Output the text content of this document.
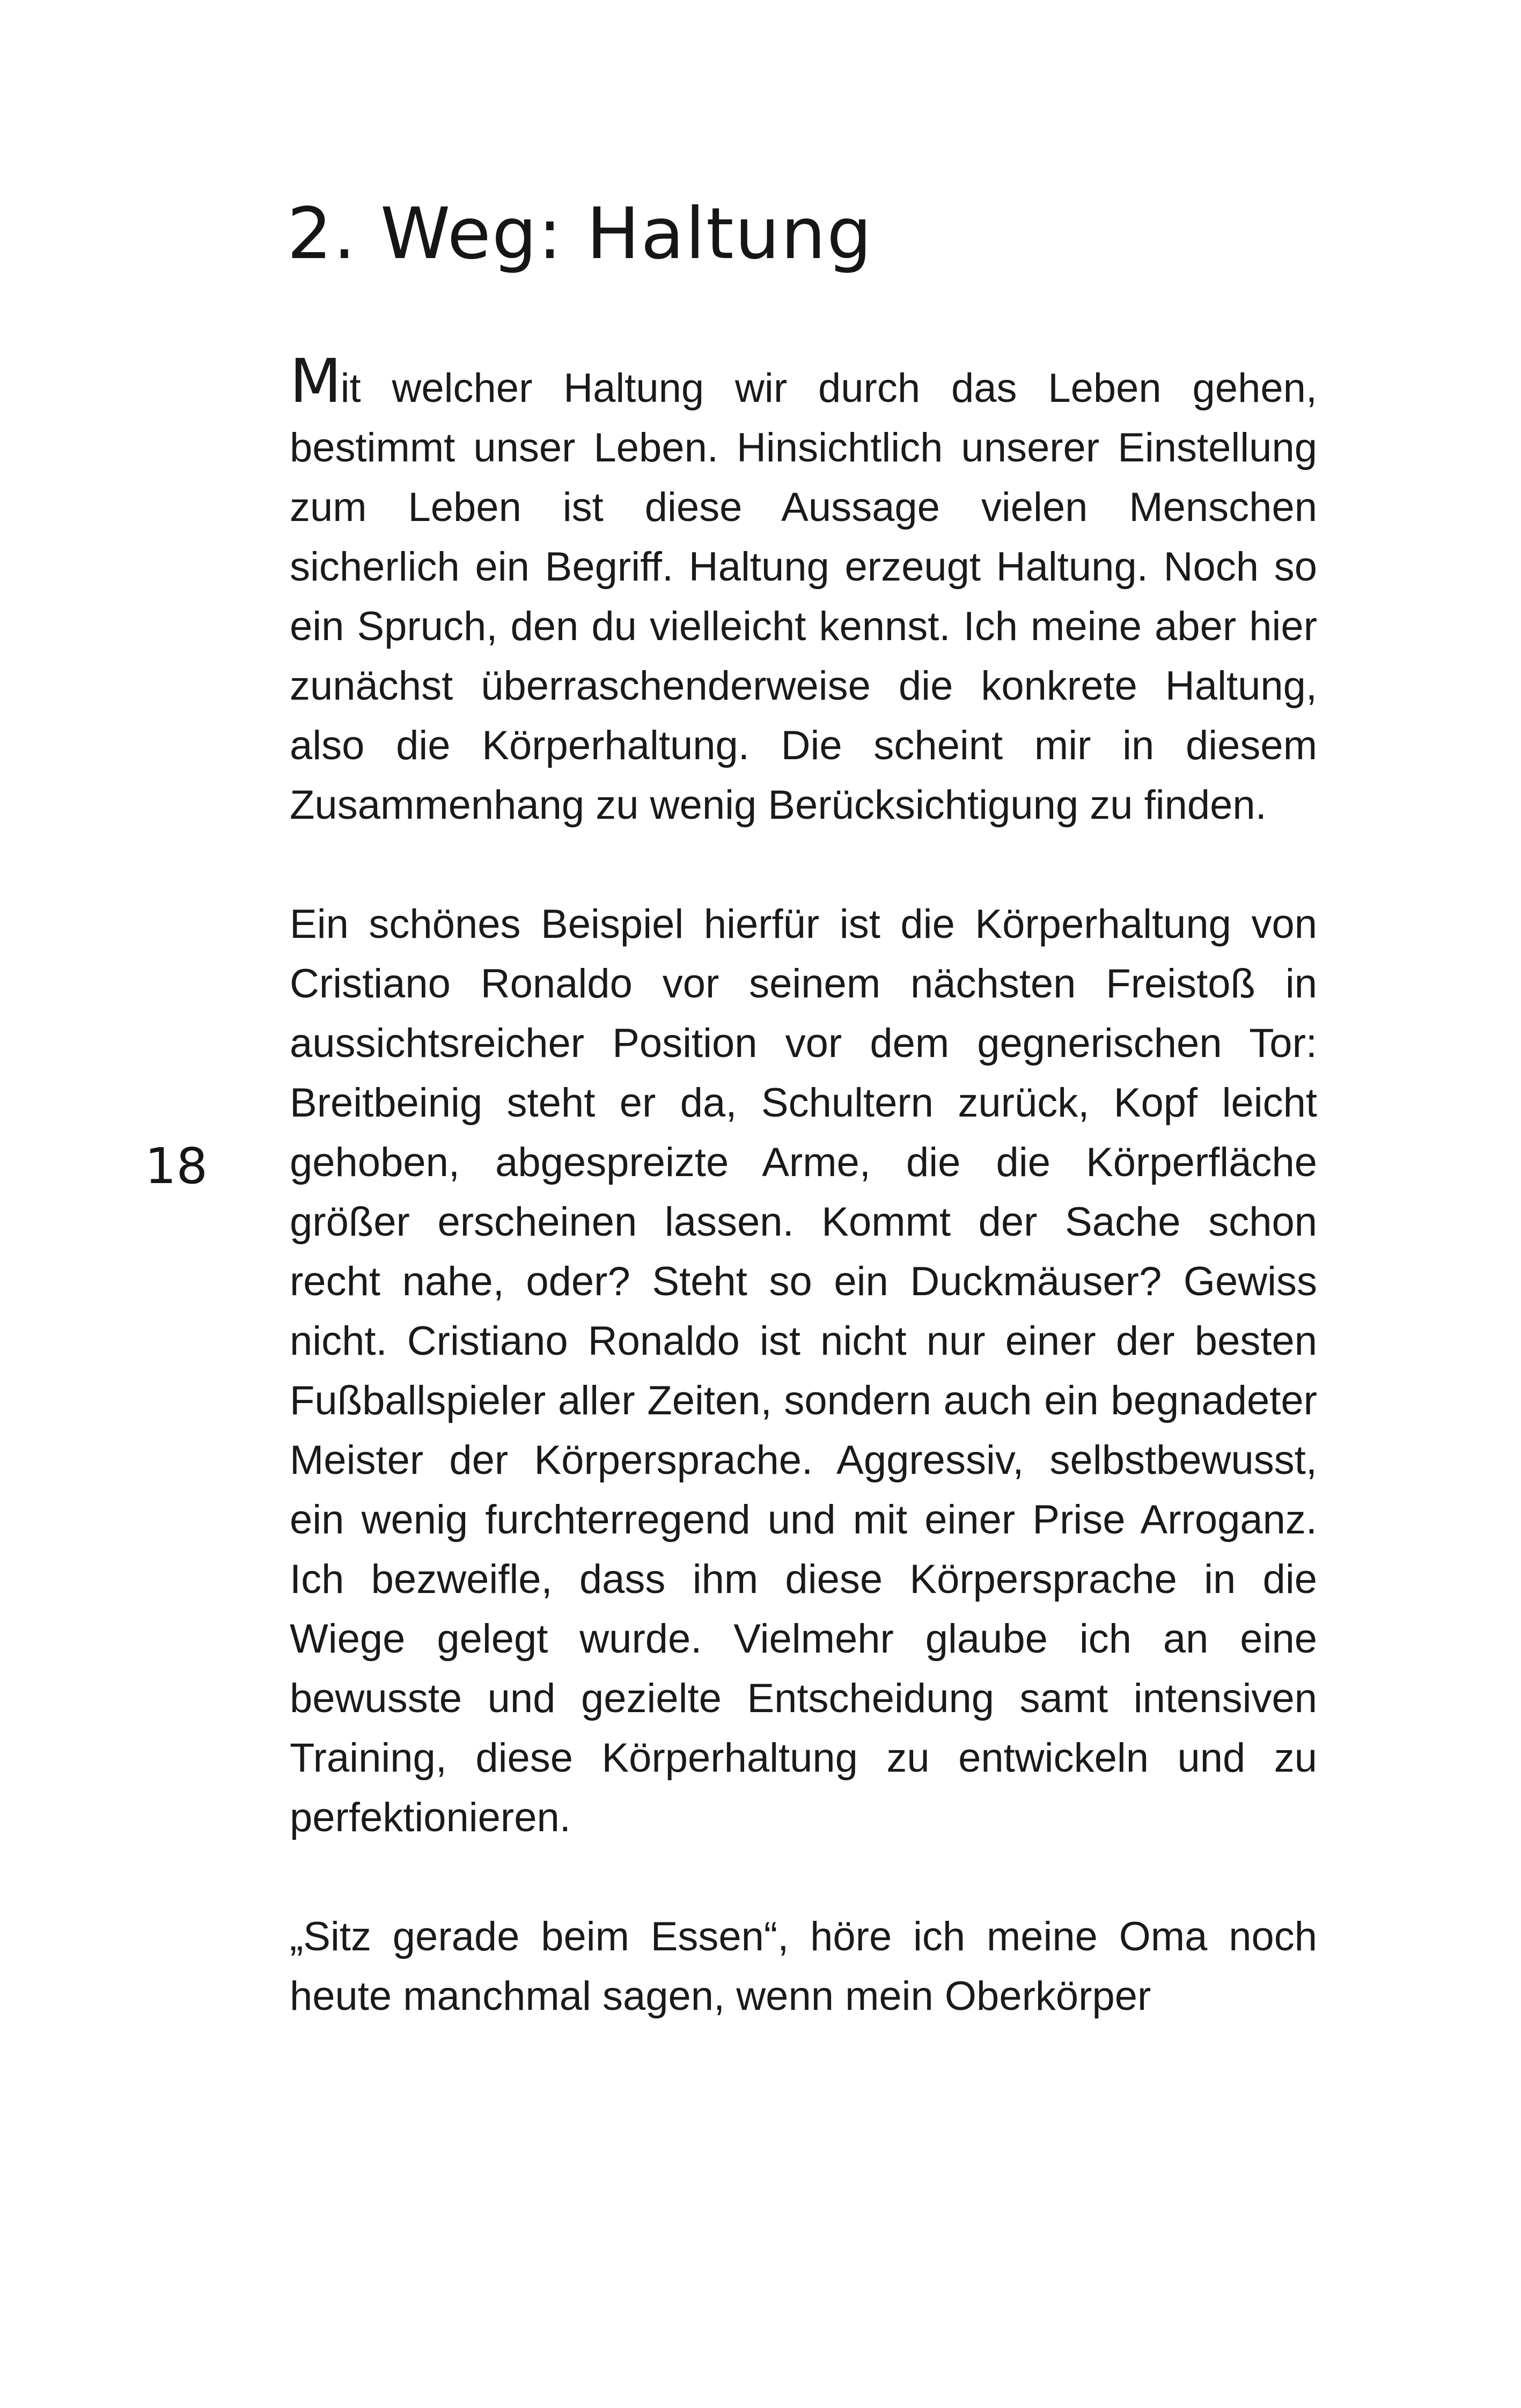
2. Weg: Haltung
18

Mit welcher Haltung wir durch das Leben gehen, bestimmt unser Leben. Hinsichtlich unserer Einstellung zum Leben ist diese Aussage vielen Menschen sicherlich ein Begriff. Haltung erzeugt Haltung. Noch so ein Spruch, den du vielleicht kennst. Ich meine aber hier zunächst überraschenderweise die konkrete Haltung, also die Körperhaltung. Die scheint mir in diesem Zusammenhang zu wenig Berücksichtigung zu finden.

Ein schönes Beispiel hierfür ist die Körperhaltung von Cristiano Ronaldo vor seinem nächsten Freistoß in aussichtsreicher Position vor dem gegnerischen Tor: Breitbeinig steht er da, Schultern zurück, Kopf leicht gehoben, abgespreizte Arme, die die Körperfläche größer erscheinen lassen. Kommt der Sache schon recht nahe, oder? Steht so ein Duckmäuser? Gewiss nicht. Cristiano Ronaldo ist nicht nur einer der besten Fußballspieler aller Zeiten, sondern auch ein begnadeter Meister der Körpersprache. Aggressiv, selbstbewusst, ein wenig furchterregend und mit einer Prise Arroganz. Ich bezweifle, dass ihm diese Körpersprache in die Wiege gelegt wurde. Vielmehr glaube ich an eine bewusste und gezielte Entscheidung samt intensiven Training, diese Körperhaltung zu entwickeln und zu perfektionieren.

„Sitz gerade beim Essen“, höre ich meine Oma noch heute manchmal sagen, wenn mein Oberkörper
